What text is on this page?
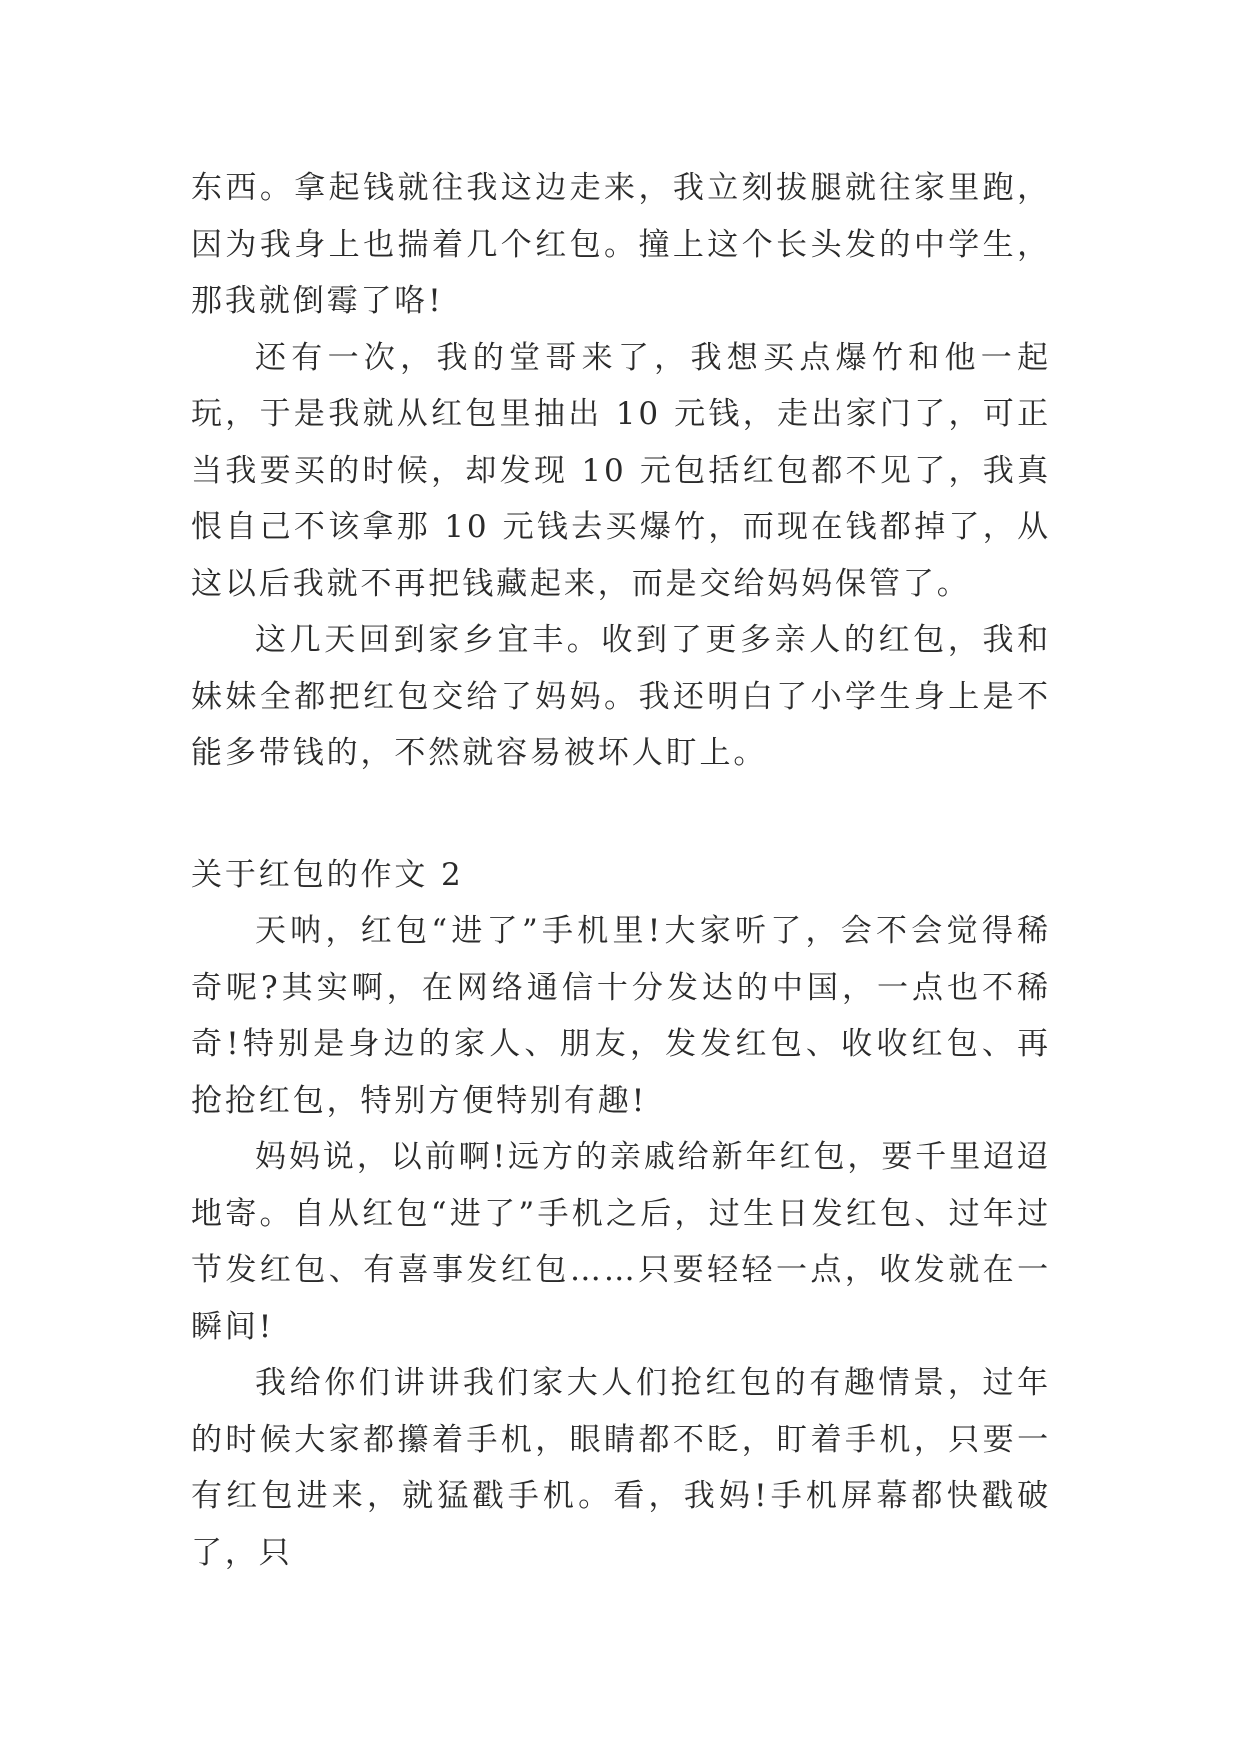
东西。拿起钱就往我这边走来，我立刻拔腿就往家里跑，因为我身上也揣着几个红包。撞上这个长头发的中学生，那我就倒霉了咯!

还有一次，我的堂哥来了，我想买点爆竹和他一起玩，于是我就从红包里抽出 10 元钱，走出家门了，可正当我要买的时候，却发现 10 元包括红包都不见了，我真恨自己不该拿那 10 元钱去买爆竹，而现在钱都掉了，从这以后我就不再把钱藏起来，而是交给妈妈保管了。

这几天回到家乡宜丰。收到了更多亲人的红包，我和妹妹全都把红包交给了妈妈。我还明白了小学生身上是不能多带钱的，不然就容易被坏人盯上。

关于红包的作文 2

天呐，红包“进了”手机里!大家听了，会不会觉得稀奇呢?其实啊，在网络通信十分发达的中国，一点也不稀奇!特别是身边的家人、朋友，发发红包、收收红包、再抢抢红包，特别方便特别有趣!

妈妈说，以前啊!远方的亲戚给新年红包，要千里迢迢地寄。自从红包“进了”手机之后，过生日发红包、过年过节发红包、有喜事发红包……只要轻轻一点，收发就在一瞬间!

我给你们讲讲我们家大人们抢红包的有趣情景，过年的时候大家都攥着手机，眼睛都不眨，盯着手机，只要一有红包进来，就猛戳手机。看，我妈!手机屏幕都快戳破了，只
